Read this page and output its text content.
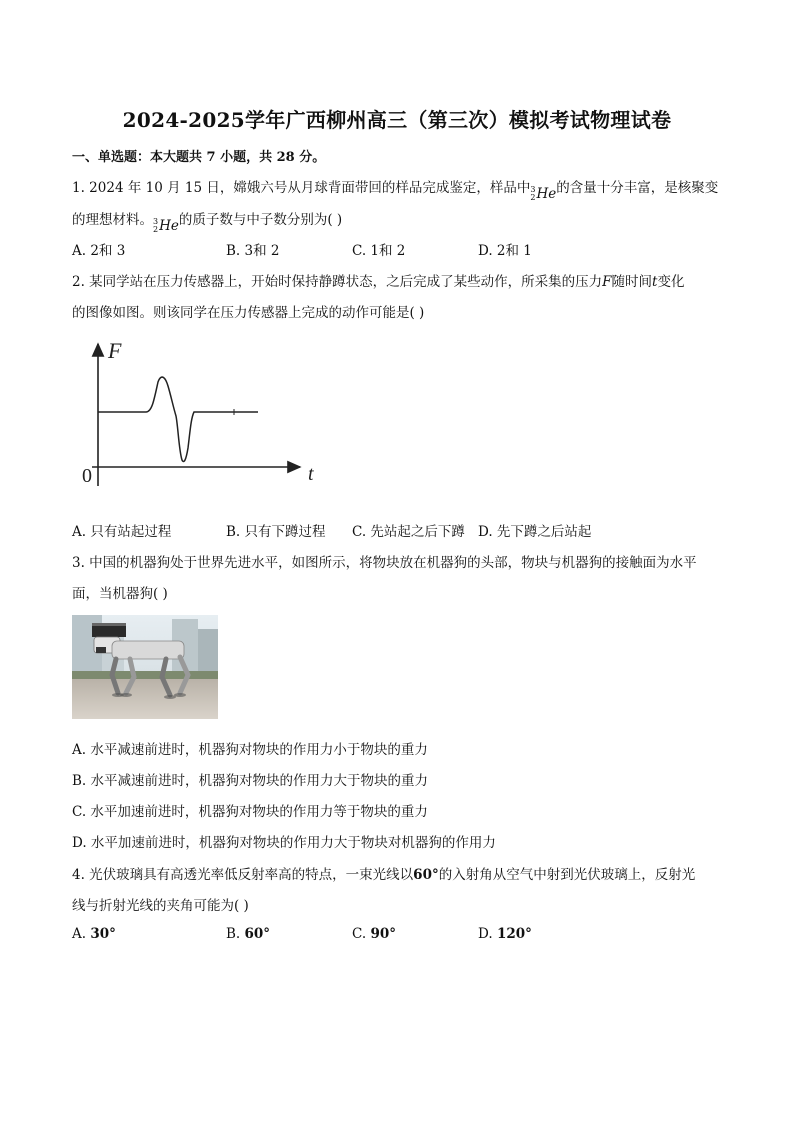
2024-2025学年广西柳州高三（第三次）模拟考试物理试卷
一、单选题：本大题共 7 小题，共 28 分。
1. 2024 年 10 月 15 日，嫦娥六号从月球背面带回的样品完成鉴定，样品中 3
2 He 的含量十分丰富，是核聚变
的理想材料。 3
2 He 的质子数与中子数分别为( )
A. 2和 3	B. 3和 2	C. 1和 2	D. 2和 1
2. 某同学站在压力传感器上，开始时保持静蹲状态，之后完成了某些动作，所采集的压力F随时间t变化
的图像如图。则该同学在压力传感器上完成的动作可能是( )
F
t
0
A. 只有站起过程	B. 只有下蹲过程 C. 先站起之后下蹲 D. 先下蹲之后站起
3. 中国的机器狗处于世界先进水平，如图所示，将物块放在机器狗的头部，物块与机器狗的接触面为水平
面，当机器狗( )
A. 水平减速前进时，机器狗对物块的作用力小于物块的重力
B. 水平减速前进时，机器狗对物块的作用力大于物块的重力
C. 水平加速前进时，机器狗对物块的作用力等于物块的重力
D. 水平加速前进时，机器狗对物块的作用力大于物块对机器狗的作用力
4. 光伏玻璃具有高透光率低反射率高的特点，一束光线以60°的入射角从空气中射到光伏玻璃上，反射光
线与折射光线的夹角可能为( )
A. 30°	B. 60°	C. 90°	D. 120°
